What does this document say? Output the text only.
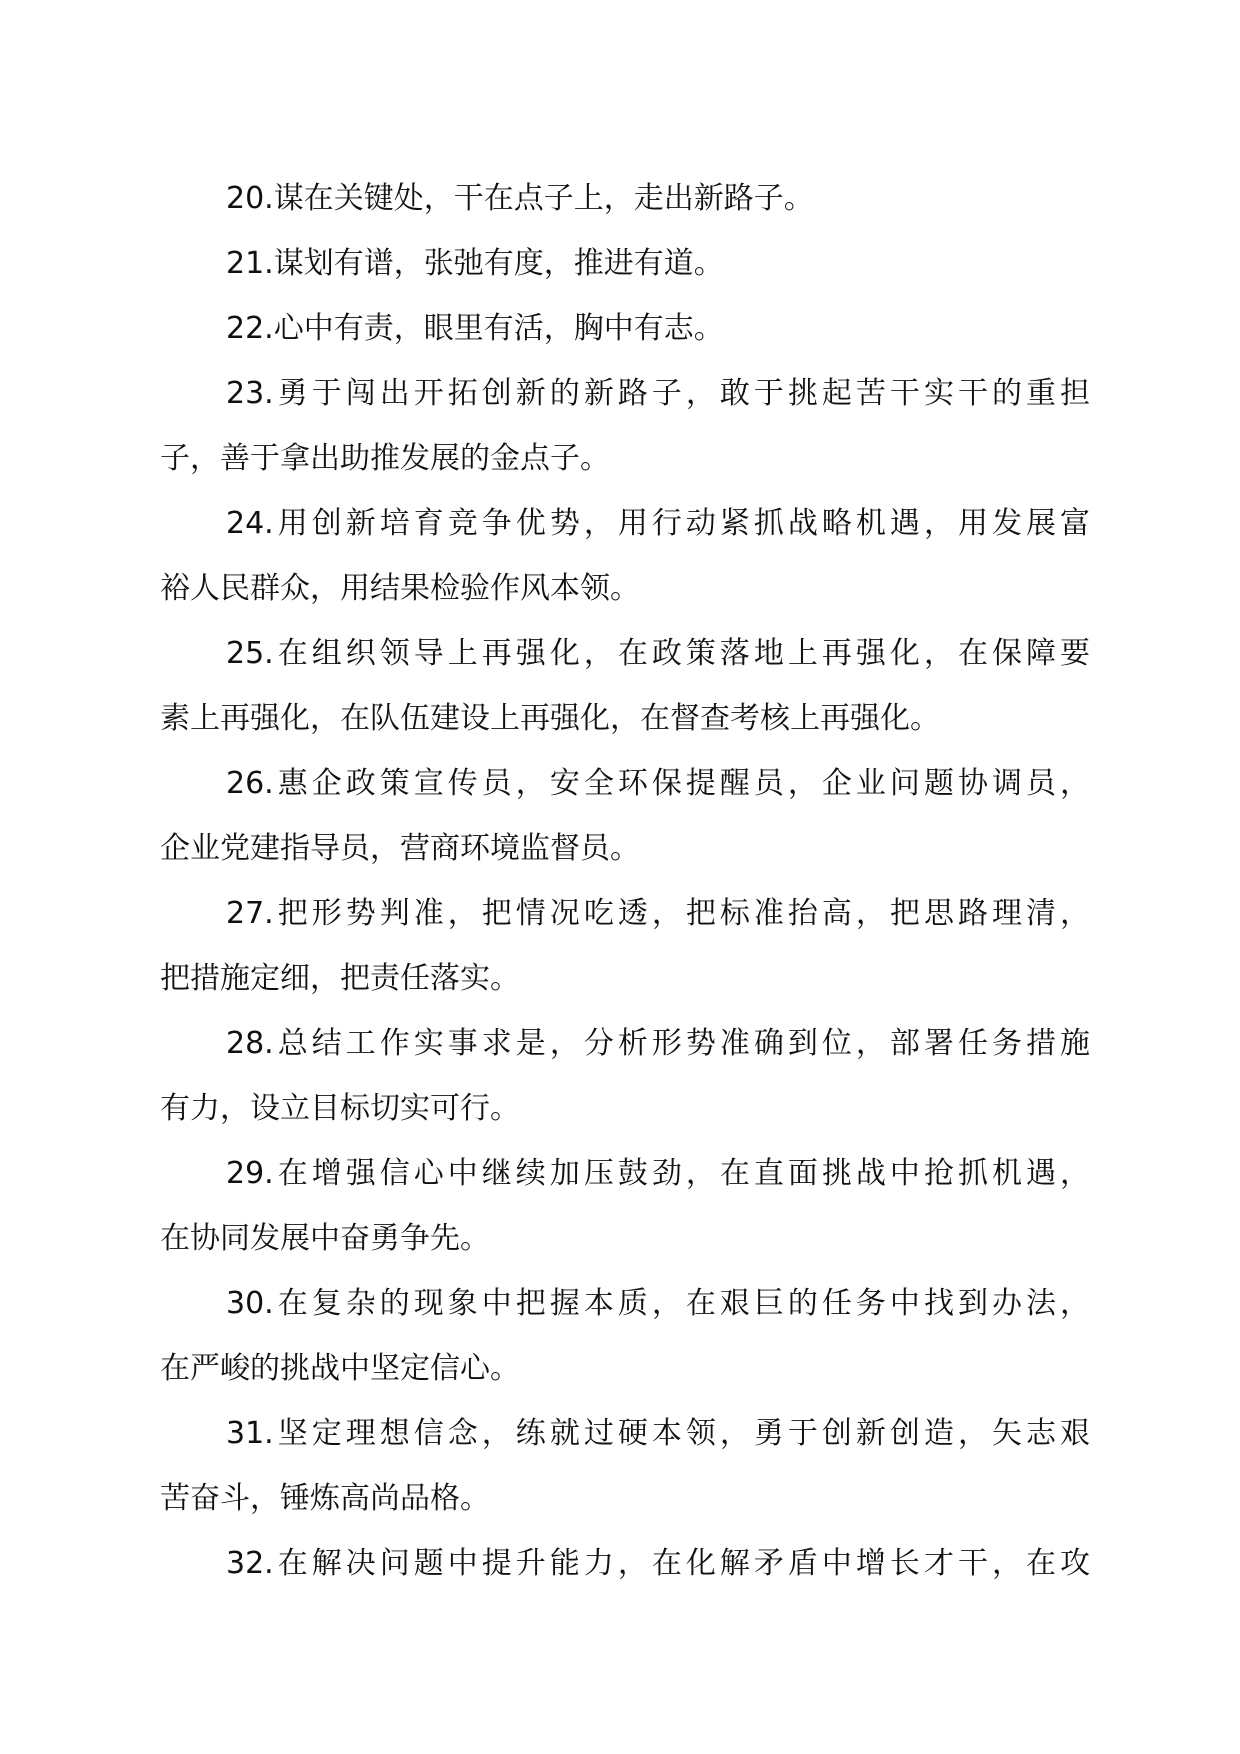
20.谋在关键处，干在点子上，走出新路子。

21.谋划有谱，张弛有度，推进有道。

22.心中有责，眼里有活，胸中有志。

23.勇于闯出开拓创新的新路子，敢于挑起苦干实干的重担
子，善于拿出助推发展的金点子。

24.用创新培育竞争优势，用行动紧抓战略机遇，用发展富
裕人民群众，用结果检验作风本领。

25.在组织领导上再强化，在政策落地上再强化，在保障要
素上再强化，在队伍建设上再强化，在督查考核上再强化。

26.惠企政策宣传员，安全环保提醒员，企业问题协调员，
企业党建指导员，营商环境监督员。

27.把形势判准，把情况吃透，把标准抬高，把思路理清，
把措施定细，把责任落实。

28.总结工作实事求是，分析形势准确到位，部署任务措施
有力，设立目标切实可行。

29.在增强信心中继续加压鼓劲，在直面挑战中抢抓机遇，
在协同发展中奋勇争先。

30.在复杂的现象中把握本质，在艰巨的任务中找到办法，
在严峻的挑战中坚定信心。

31.坚定理想信念，练就过硬本领，勇于创新创造，矢志艰
苦奋斗，锤炼高尚品格。

32.在解决问题中提升能力，在化解矛盾中增长才干，在攻
